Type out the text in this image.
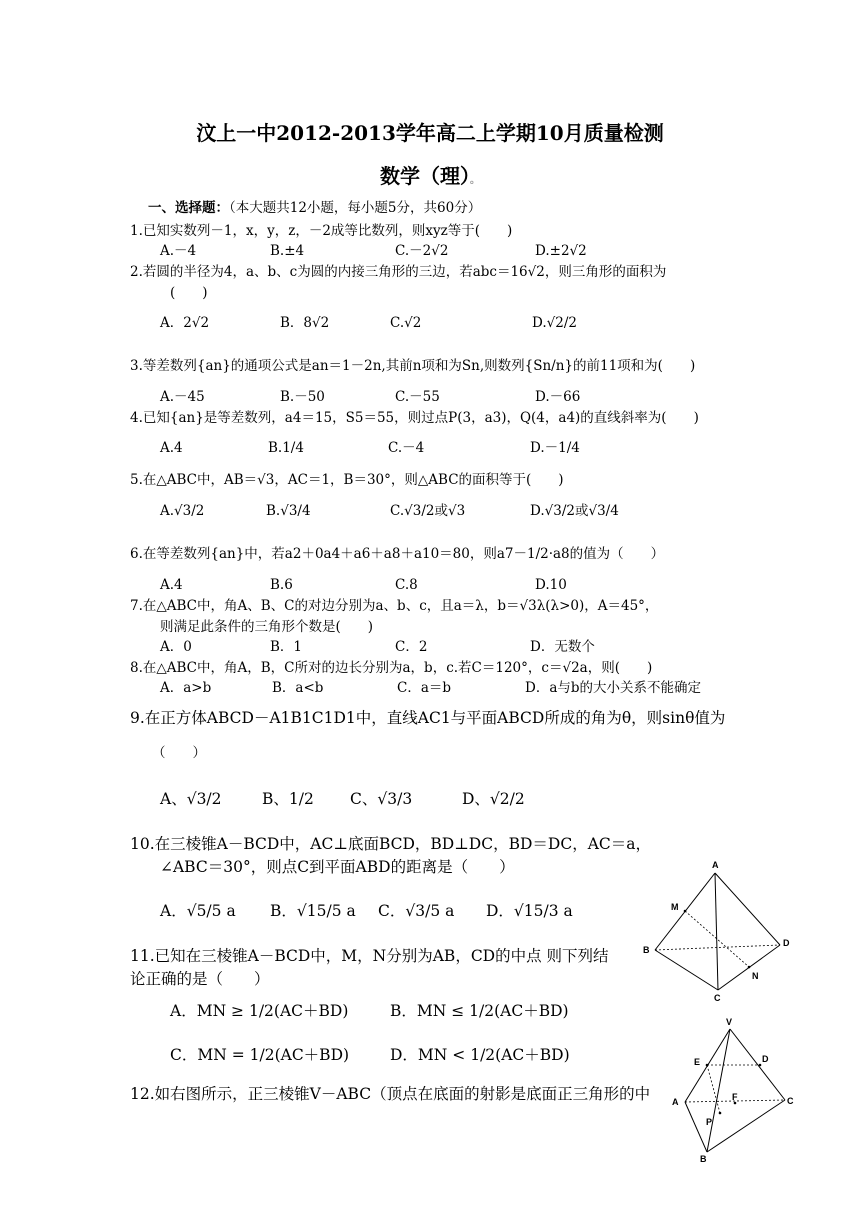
汶上一中2012-2013学年高二上学期10月质量检测
数学（理）。
一、选择题：（本大题共12小题，每小题5分，共60分）
1.已知实数列－1，x，y，z，－2成等比数列，则xyz等于(　　)
A.－4	B.±4	C.－2√2	D.±2√2
2.若圆的半径为4，a、b、c为圆的内接三角形的三边，若abc＝16√2，则三角形的面积为
(　　)
A．2√2	B．8√2	C.√2	D.√2/2
3.等差数列{an}的通项公式是an＝1－2n,其前n项和为Sn,则数列{Sn/n}的前11项和为(　　)
A.－45	B.－50	C.－55	D.－66
4.已知{an}是等差数列，a4＝15，S5＝55，则过点P(3，a3)，Q(4，a4)的直线斜率为(　　)
A.4	B.1/4	C.－4	D.－1/4
5.在△ABC中，AB＝√3，AC＝1，B＝30°，则△ABC的面积等于(　　)
A.√3/2	B.√3/4	C.√3/2或√3	D.√3/2或√3/4
6.在等差数列{an}中，若a2＋0a4＋a6＋a8＋a10＝80，则a7－1/2·a8的值为（　　）
A.4	B.6	C.8	D.10
7.在△ABC中，角A、B、C的对边分别为a、b、c，且a＝λ，b＝√3λ(λ>0)，A＝45°，
则满足此条件的三角形个数是(　　)
A．0	B．1	C．2	D．无数个
8.在△ABC中，角A，B，C所对的边长分别为a，b，c.若C＝120°，c＝√2a，则(　　)
A．a>b	B．a<b	C．a＝b	D．a与b的大小关系不能确定
9.在正方体ABCD－A1B1C1D1中，直线AC1与平面ABCD所成的角为θ，则sinθ值为
（　　）
A、√3/2	B、1/2 C、√3/3	D、√2/2
10.在三棱锥A－BCD中，AC⊥底面BCD，BD⊥DC，BD＝DC，AC＝a，
∠ABC＝30°，则点C到平面ABD的距离是（　　）
A．√5/5 a B．√15/5 a C．√3/5 a D．√15/3 a
11.已知在三棱锥A－BCD中，M，N分别为AB，CD的中点 则下列结
论正确的是（　　）
A．MN ≥ 1/2(AC＋BD)	B．MN ≤ 1/2(AC＋BD)
C．MN = 1/2(AC＋BD)	D．MN < 1/2(AC＋BD)
12.如右图所示，正三棱锥V－ABC（顶点在底面的射影是底面正三角形的中
A
M
B
D
N
C
V
E	D
A	F	C
P
B
